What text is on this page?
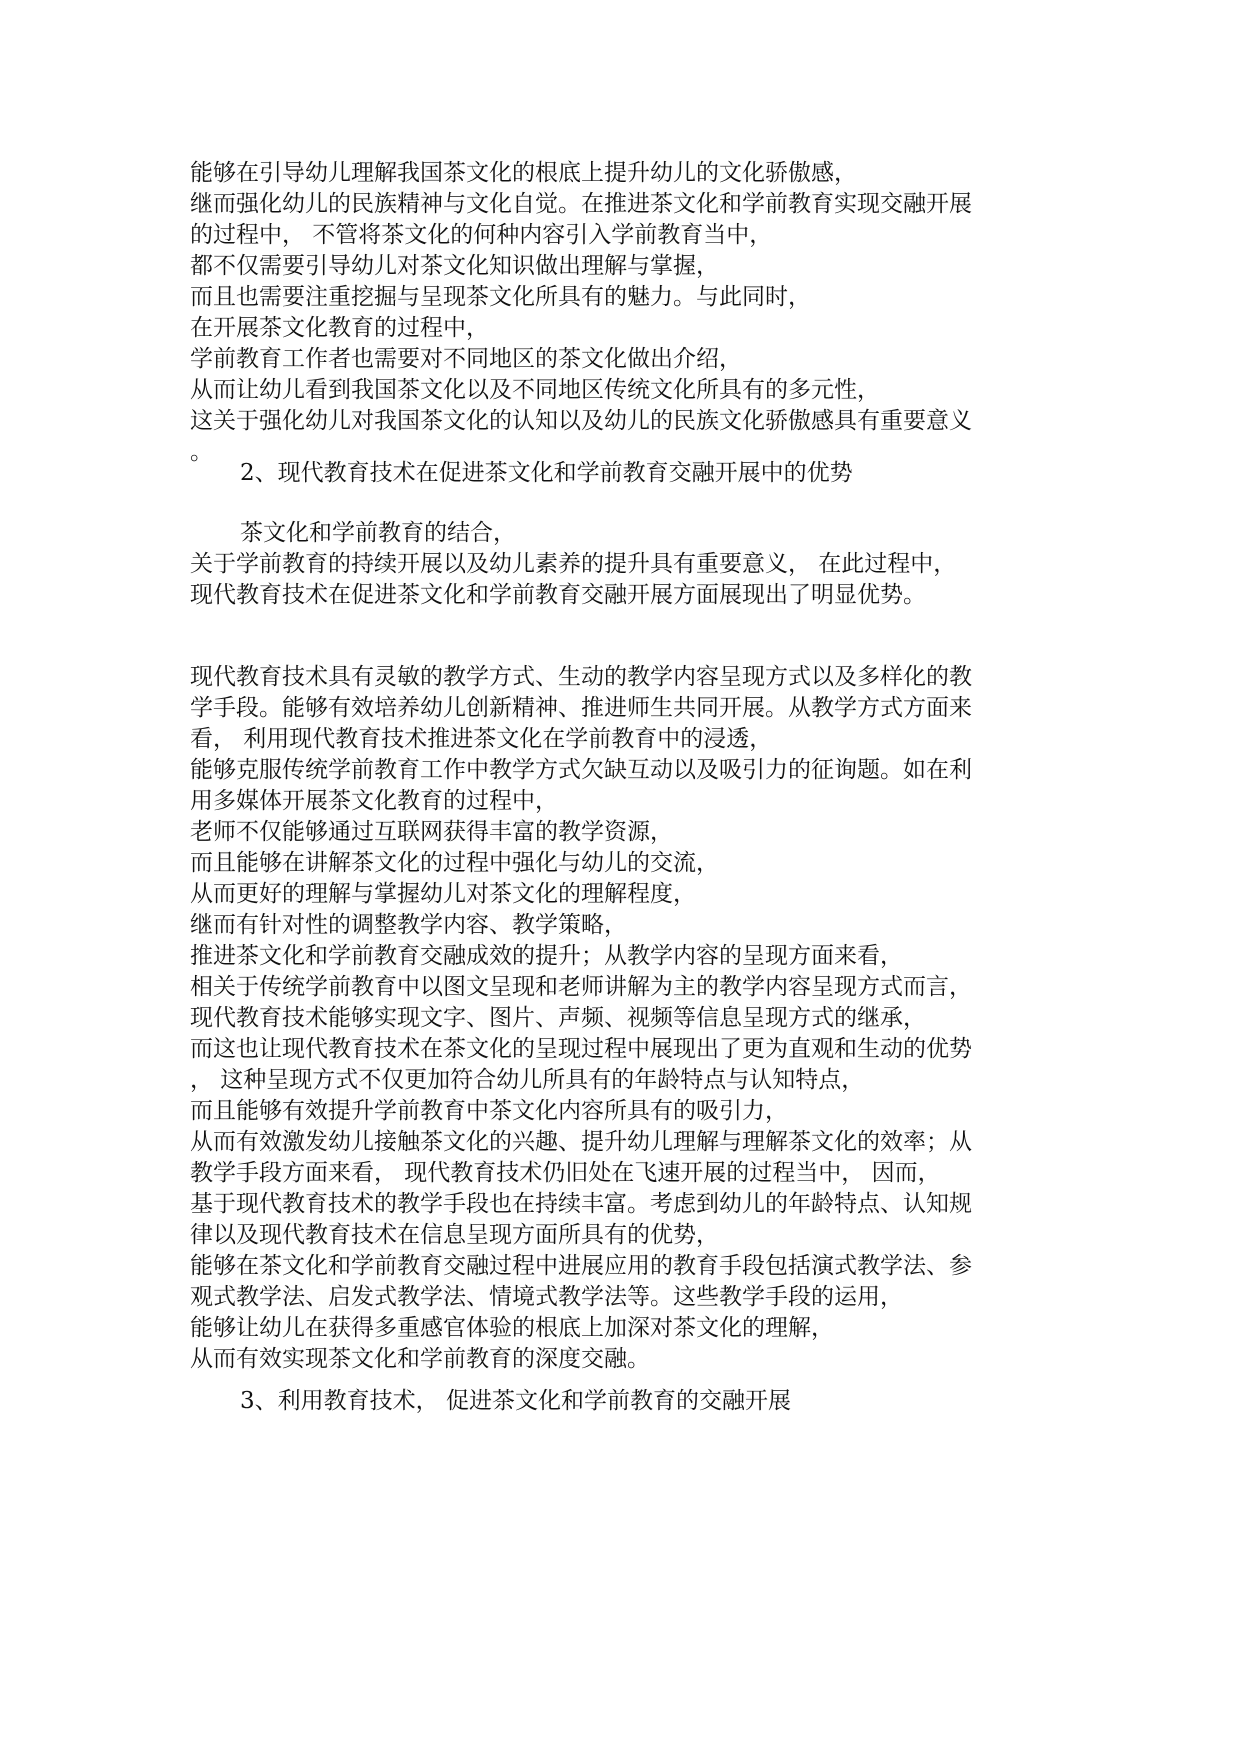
能够在引导幼儿理解我国茶文化的根底上提升幼儿的文化骄傲感，
继而强化幼儿的民族精神与文化自觉。在推进茶文化和学前教育实现交融开展
的过程中， 不管将茶文化的何种内容引入学前教育当中，
都不仅需要引导幼儿对茶文化知识做出理解与掌握，
而且也需要注重挖掘与呈现茶文化所具有的魅力。与此同时，
在开展茶文化教育的过程中，
学前教育工作者也需要对不同地区的茶文化做出介绍，
从而让幼儿看到我国茶文化以及不同地区传统文化所具有的多元性，
这关于强化幼儿对我国茶文化的认知以及幼儿的民族文化骄傲感具有重要意义
。
2、现代教育技术在促进茶文化和学前教育交融开展中的优势
茶文化和学前教育的结合，
关于学前教育的持续开展以及幼儿素养的提升具有重要意义， 在此过程中，
现代教育技术在促进茶文化和学前教育交融开展方面展现出了明显优势。
现代教育技术具有灵敏的教学方式、生动的教学内容呈现方式以及多样化的教
学手段。能够有效培养幼儿创新精神、推进师生共同开展。从教学方式方面来
看， 利用现代教育技术推进茶文化在学前教育中的浸透，
能够克服传统学前教育工作中教学方式欠缺互动以及吸引力的征询题。如在利
用多媒体开展茶文化教育的过程中，
老师不仅能够通过互联网获得丰富的教学资源，
而且能够在讲解茶文化的过程中强化与幼儿的交流，
从而更好的理解与掌握幼儿对茶文化的理解程度，
继而有针对性的调整教学内容、教学策略，
推进茶文化和学前教育交融成效的提升；从教学内容的呈现方面来看，
相关于传统学前教育中以图文呈现和老师讲解为主的教学内容呈现方式而言，
现代教育技术能够实现文字、图片、声频、视频等信息呈现方式的继承，
而这也让现代教育技术在茶文化的呈现过程中展现出了更为直观和生动的优势
， 这种呈现方式不仅更加符合幼儿所具有的年龄特点与认知特点，
而且能够有效提升学前教育中茶文化内容所具有的吸引力，
从而有效激发幼儿接触茶文化的兴趣、提升幼儿理解与理解茶文化的效率；从
教学手段方面来看， 现代教育技术仍旧处在飞速开展的过程当中， 因而，
基于现代教育技术的教学手段也在持续丰富。考虑到幼儿的年龄特点、认知规
律以及现代教育技术在信息呈现方面所具有的优势，
能够在茶文化和学前教育交融过程中进展应用的教育手段包括演式教学法、参
观式教学法、启发式教学法、情境式教学法等。这些教学手段的运用，
能够让幼儿在获得多重感官体验的根底上加深对茶文化的理解，
从而有效实现茶文化和学前教育的深度交融。
3、利用教育技术， 促进茶文化和学前教育的交融开展
